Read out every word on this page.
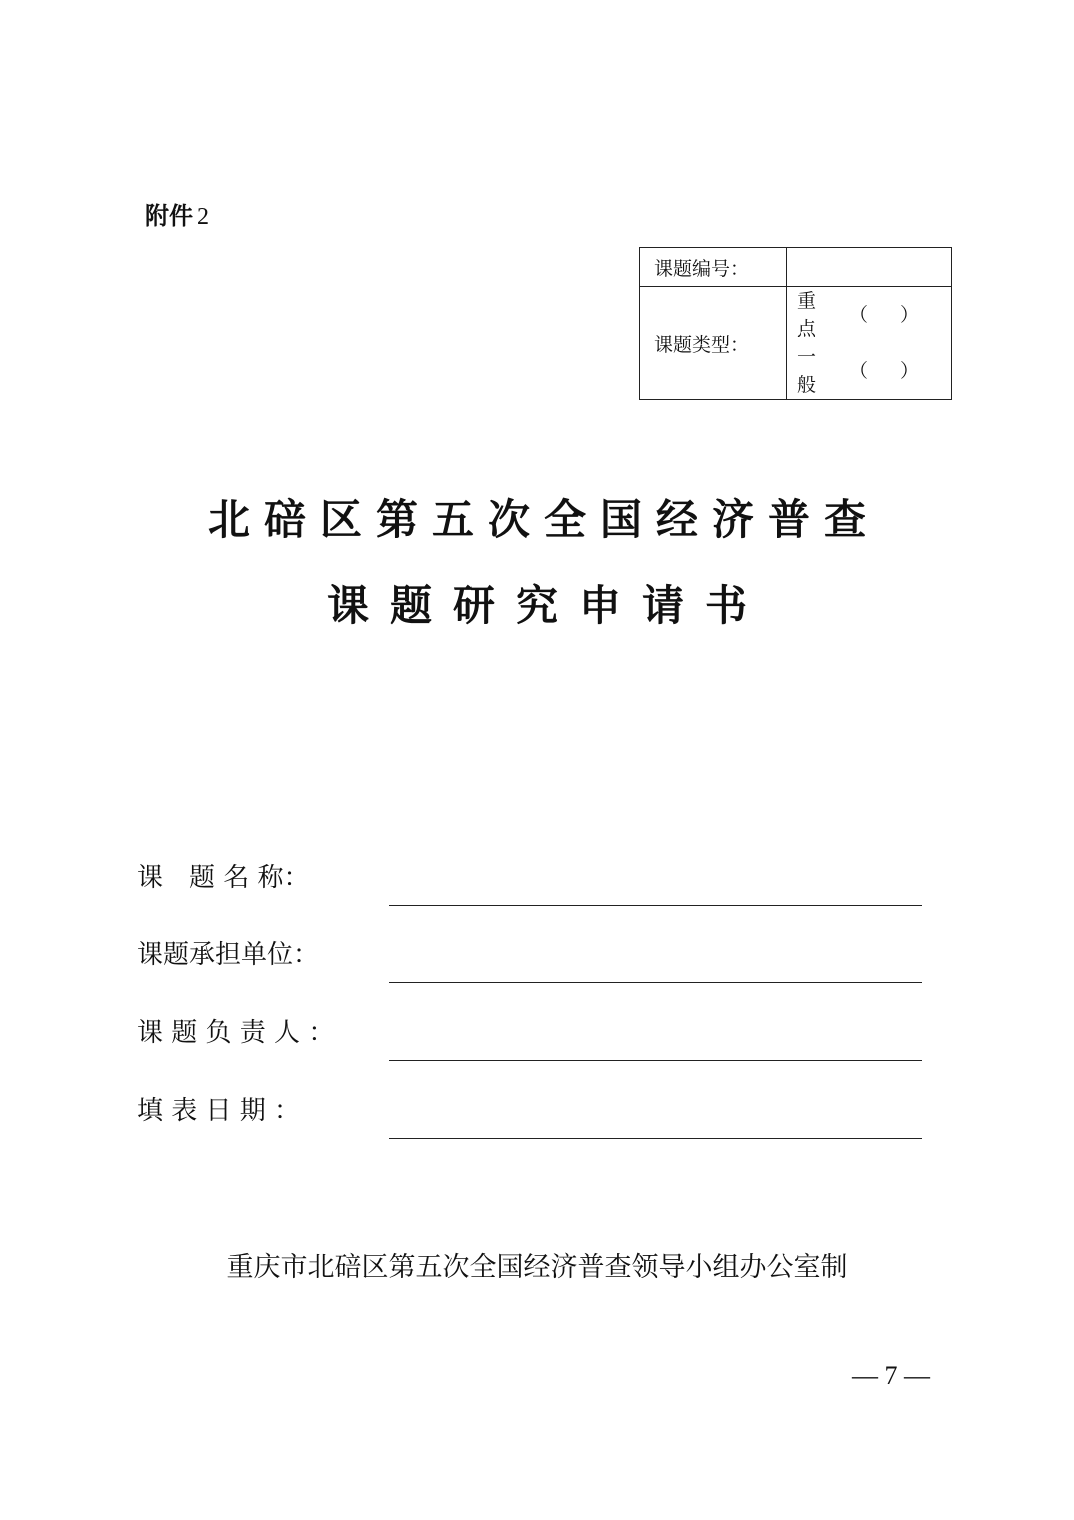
附件 2
课题编号：	
课题类型：	重点
（）
一般
（）
北碚区第五次全国经济普查
课题研究申请书
课　题 名 称：
课题承担单位：
课 题 负 责 人 ：
填 表 日 期 ：
重庆市北碚区第五次全国经济普查领导小组办公室制
— 7 —
